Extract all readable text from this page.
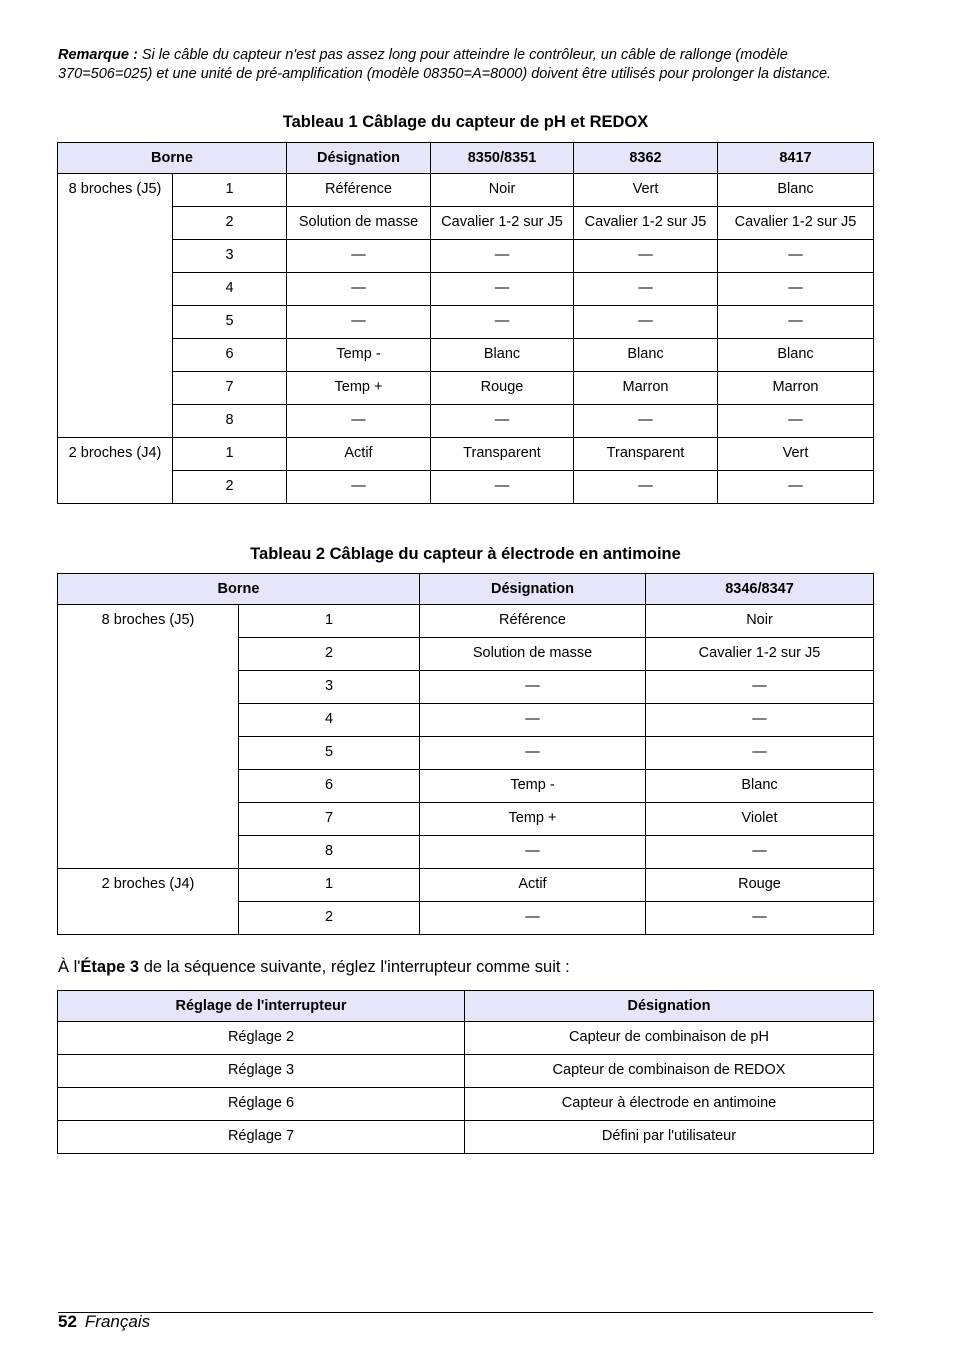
Remarque : Si le câble du capteur n'est pas assez long pour atteindre le contrôleur, un câble de rallonge (modèle 370=506=025) et une unité de pré-amplification (modèle 08350=A=8000) doivent être utilisés pour prolonger la distance.
Tableau 1 Câblage du capteur de pH et REDOX
Borne		Désignation	8350/8351	8362	8417
8 broches (J5)	1	Référence	Noir	Vert	Blanc
	2	Solution de masse	Cavalier 1-2 sur J5	Cavalier 1-2 sur J5	Cavalier 1-2 sur J5
	3	—	—	—	—
	4	—	—	—	—
	5	—	—	—	—
	6	Temp -	Blanc	Blanc	Blanc
	7	Temp +	Rouge	Marron	Marron
	8	—	—	—	—
2 broches (J4)	1	Actif	Transparent	Transparent	Vert
	2	—	—	—	—
Tableau 2 Câblage du capteur à électrode en antimoine
Borne		Désignation	8346/8347
8 broches (J5)	1	Référence	Noir
	2	Solution de masse	Cavalier 1-2 sur J5
	3	—	—
	4	—	—
	5	—	—
	6	Temp -	Blanc
	7	Temp +	Violet
	8	—	—
2 broches (J4)	1	Actif	Rouge
	2	—	—
À l'Étape 3 de la séquence suivante, réglez l'interrupteur comme suit :
Réglage de l'interrupteur	Désignation
Réglage 2	Capteur de combinaison de pH
Réglage 3	Capteur de combinaison de REDOX
Réglage 6	Capteur à électrode en antimoine
Réglage 7	Défini par l'utilisateur
52 Français
